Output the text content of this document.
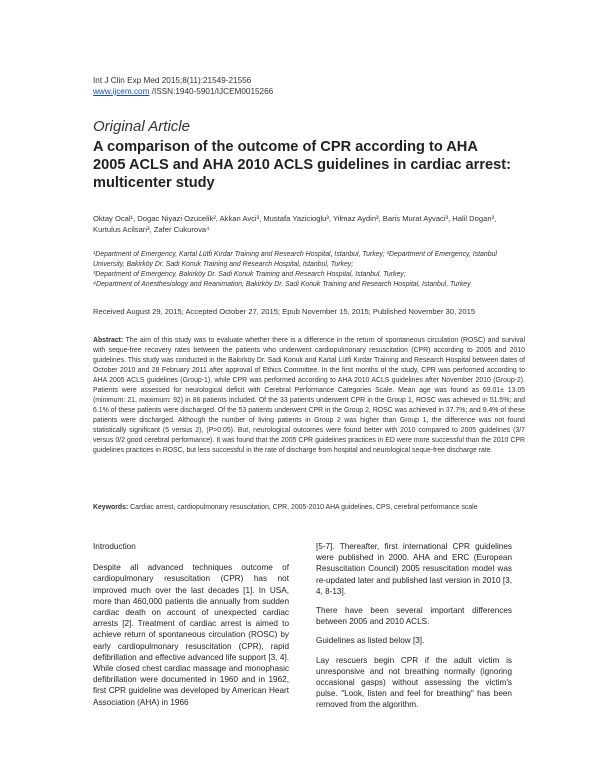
Int J Clin Exp Med 2015;8(11):21549-21556
www.ijcem.com /ISSN:1940-5901/IJCEM0015266
Original Article
A comparison of the outcome of CPR according to AHA 2005 ACLS and AHA 2010 ACLS guidelines in cardiac arrest: multicenter study
Oktay Ocal¹, Dogac Niyazi Ozucelik², Akkan Avci³, Mustafa Yazicioglu³, Yilmaz Aydin³, Baris Murat Ayvaci³, Halil Dogan³, Kurtulus Acilsari³, Zafer Cukurova⁴

¹Department of Emergency, Kartal Lütfi Kırdar Training and Research Hospital, Istanbul, Turkey; ²Department of Emergency, Istanbul University, Bakirköy Dr. Sadi Konuk Training and Research Hospital, Istanbul, Turkey;

³Department of Emergency, Bakirköy Dr. Sadi Konuk Training and Research Hospital, Istanbul, Turkey;

⁴Department of Anesthesiology and Reanimation, Bakirköy Dr. Sadi Konuk Training and Research Hospital, Istanbul, Turkey

Received August 29, 2015; Accepted October 27, 2015; Epub November 15, 2015; Published November 30, 2015
Abstract: The aim of this study was to evaluate whether there is a difference in the return of spontaneous circulation (ROSC) and survival with seque-free recovery rates between the patients who underwent cardiopulmonary resuscitation (CPR) according to 2005 and 2010 guidelines. This study was conducted in the Bakırköy Dr. Sadi Konuk and Kartal Lütfi Kırdar Training and Research Hospital between dates of October 2010 and 28 February 2011 after approval of Ethics Committee. In the first months of the study, CPR was performed according to AHA 2005 ACLS guidelines (Group-1), while CPR was performed according to AHA 2010 ACLS guidelines after November 2010 (Group-2). Patients were assessed for neurological deficit with Cerebral Performance Categories Scale. Mean age was found as 69.01± 13.05 (minimum: 21, maximum: 92) in 86 patients included. Of the 33 patients underwent CPR in the Group 1, ROSC was achieved in 51.5%; and 6.1% of these patients were discharged. Of the 53 patients underwent CPR in the Group 2, ROSC was achieved in 37.7%; and 9.4% of these patients were discharged. Although the number of living patients in Group 2 was higher than Group 1, the difference was not found statistically significant (5 versus 2), (P>0.05). But, neurological outcomes were found better with 2010 compared to 2005 guidelines (3/7 versus 0/2 good cerebral performance). It was found that the 2005 CPR guidelines practices in ED were more successful than the 2010 CPR guidelines practices in ROSC, but less successful in the rate of discharge from hospital and neurological seque-free discharge rate.
Keywords: Cardiac arrest, cardiopulmonary resuscitation, CPR, 2005-2010 AHA guidelines, CPS, cerebral performance scale
Introduction

Despite all advanced techniques outcome of cardiopulmonary resuscitation (CPR) has not improved much over the last decades [1]. In USA, more than 460,000 patients die annually from sudden cardiac death on account of unexpected cardiac arrests [2]. Treatment of cardiac arrest is aimed to achieve return of spontaneous circulation (ROSC) by early cardiopulmonary resuscitation (CPR), rapid defibrillation and effective advanced life support [3, 4]. While closed chest cardiac massage and monophasic defibrillation were documented in 1960 and in 1962, first CPR guideline was developed by American Heart Association (AHA) in 1966

[5-7]. Thereafter, first international CPR guidelines were published in 2000. AHA and ERC (European Resuscitation Council) 2005 resuscitation model was re-updated later and published last version in 2010 [3, 4, 8-13].

There have been several important differences between 2005 and 2010 ACLS.

Guidelines as listed below [3].

Lay rescuers begin CPR if the adult victim is unresponsive and not breathing normally (ignoring occasional gasps) without assessing the victim's pulse. "Look, listen and feel for breathing" has been removed from the algorithm.
